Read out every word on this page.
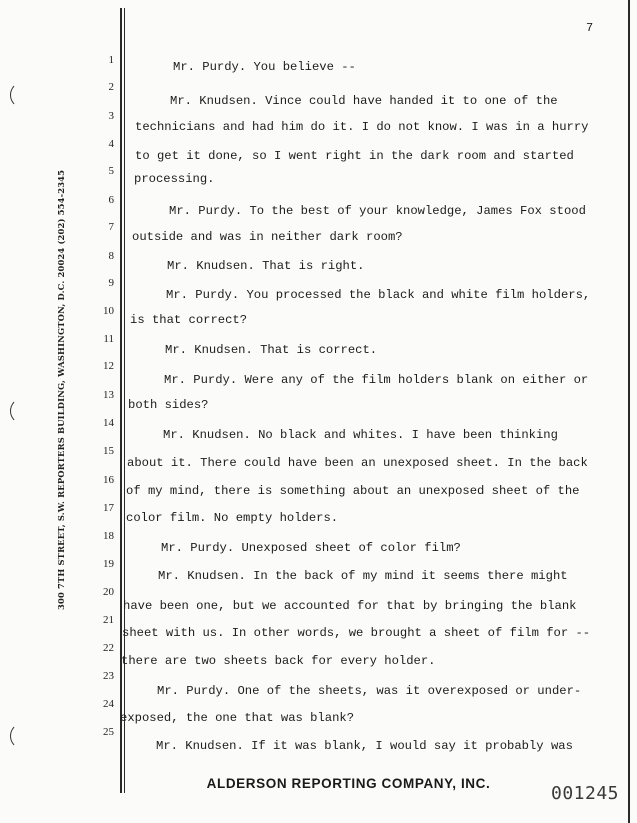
300 7TH STREET, S.W. REPORTERS BUILDING, WASHINGTON, D.C. 20024 (202) 554-2345
7
1	Mr. Purdy. You believe --
2
Mr. Knudsen. Vince could have handed it to one of the
3
technicians and had him do it. I do not know. I was in a hurry
4
to get it done, so I went right in the dark room and started
5
processing.
6
Mr. Purdy. To the best of your knowledge, James Fox stood
7
outside and was in neither dark room?
8
Mr. Knudsen. That is right.
9
Mr. Purdy. You processed the black and white film holders,
10
is that correct?
11
Mr. Knudsen. That is correct.
12
Mr. Purdy. Were any of the film holders blank on either or
13
both sides?
14
Mr. Knudsen. No black and whites. I have been thinking
15
about it. There could have been an unexposed sheet. In the back
16
of my mind, there is something about an unexposed sheet of the
17
color film. No empty holders.
18
Mr. Purdy. Unexposed sheet of color film?
19
Mr. Knudsen. In the back of my mind it seems there might
20
have been one, but we accounted for that by bringing the blank
21
sheet with us. In other words, we brought a sheet of film for --
22
there are two sheets back for every holder.
23
Mr. Purdy. One of the sheets, was it overexposed or under-
24
exposed, the one that was blank?
25
Mr. Knudsen. If it was blank, I would say it probably was
ALDERSON REPORTING COMPANY, INC.	001245
